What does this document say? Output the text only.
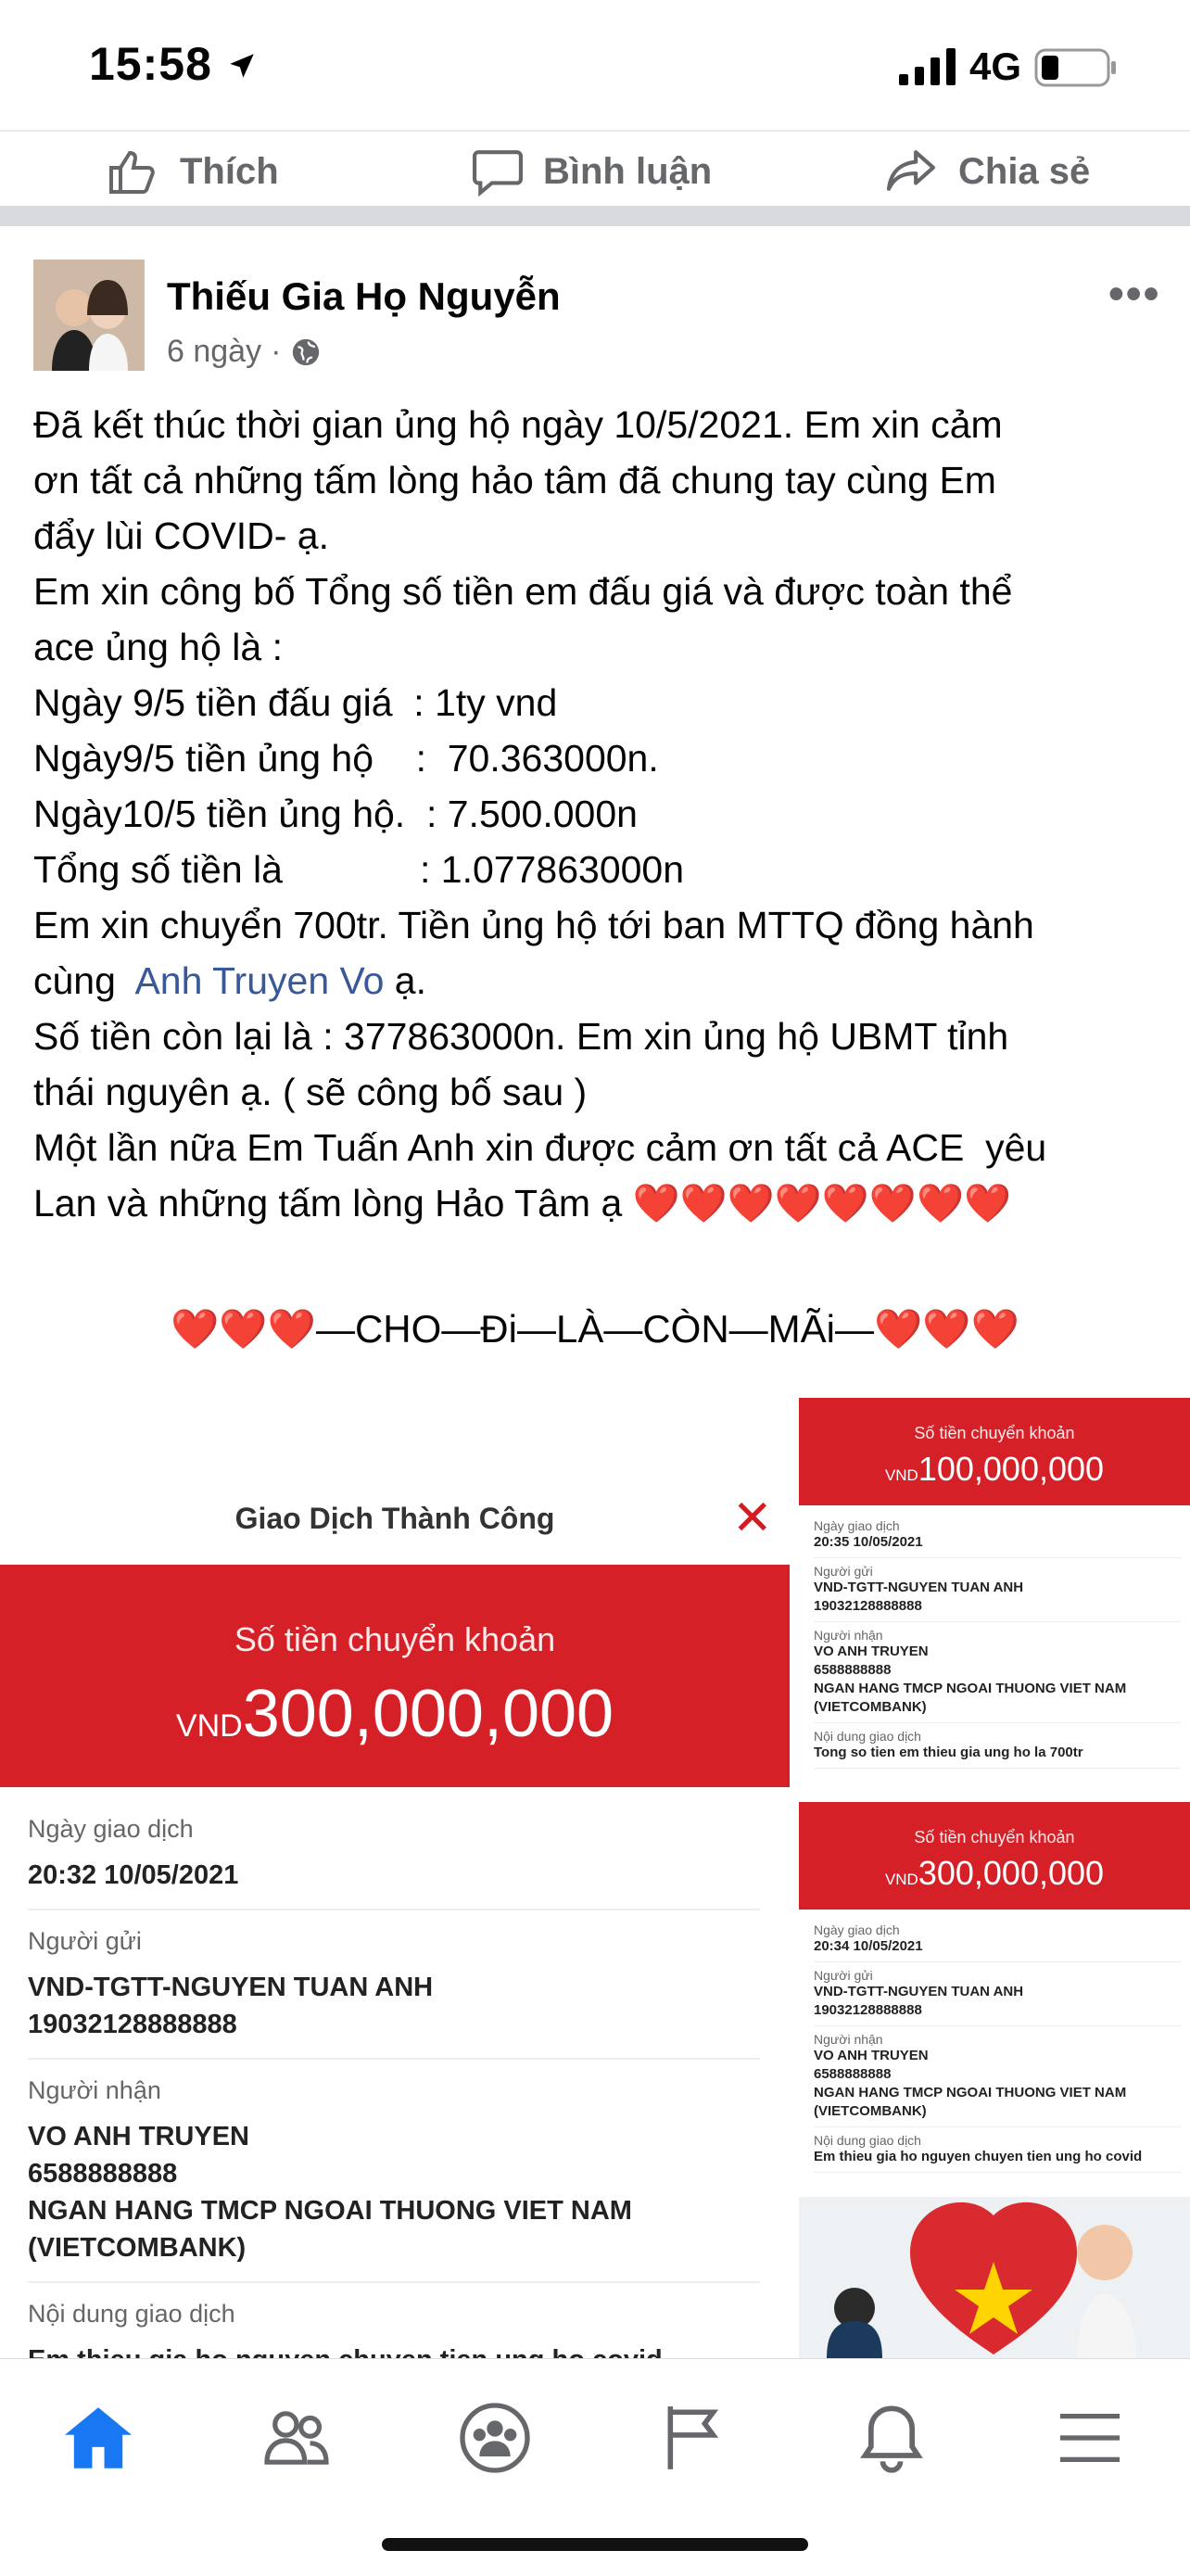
15:58	4G
Thích	Bình luận	Chia sẻ
Thiếu Gia Họ Nguyễn
6 ngày ·
•••
Đã kết thúc thời gian ủng hộ ngày 10/5/2021. Em xin cảm
ơn tất cả những tấm lòng hảo tâm đã chung tay cùng Em
đẩy lùi COVID- ạ.
Em xin công bố Tổng số tiền em đấu giá và được toàn thể
ace ủng hộ là :
Ngày 9/5 tiền đấu giá  : 1ty vnd
Ngày9/5 tiền ủng hộ    :  70.363000n.
Ngày10/5 tiền ủng hộ.  : 7.500.000n
Tổng số tiền là             : 1.077863000n
Em xin chuyển 700tr. Tiền ủng hộ tới ban MTTQ đồng hành
cùng  Anh Truyen Vo ạ.
Số tiền còn lại là : 377863000n. Em xin ủng hộ UBMT tỉnh
thái nguyên ạ. ( sẽ công bố sau )
Một lần nữa Em Tuấn Anh xin được cảm ơn tất cả ACE  yêu
Lan và những tấm lòng Hảo Tâm ạ ❤️❤️❤️❤️❤️❤️❤️❤️
❤️❤️❤️—CHO—Đi—LÀ—CÒN—MÃi—❤️❤️❤️
Giao Dịch Thành Công	✕
Số tiền chuyển khoản
VND300,000,000
Ngày giao dịch
20:32 10/05/2021
Người gửi
VND-TGTT-NGUYEN TUAN ANH
19032128888888
Người nhận
VO ANH TRUYEN
6588888888
NGAN HANG TMCP NGOAI THUONG VIET NAM
(VIETCOMBANK)
Nội dung giao dịch
Số tiền chuyển khoản
VND100,000,000
Ngày giao dịch
20:35 10/05/2021
Người gửi
VND-TGTT-NGUYEN TUAN ANH
19032128888888
Người nhận
VO ANH TRUYEN
6588888888
NGAN HANG TMCP NGOAI THUONG VIET NAM
(VIETCOMBANK)
Nội dung giao dịch
Tong so tien em thieu gia ung ho la 700tr
Số tiền chuyển khoản
VND300,000,000
Ngày giao dịch
20:34 10/05/2021
Người gửi
VND-TGTT-NGUYEN TUAN ANH
19032128888888
Người nhận
VO ANH TRUYEN
6588888888
NGAN HANG TMCP NGOAI THUONG VIET NAM
(VIETCOMBANK)
Nội dung giao dịch
Em thieu gia ho nguyen chuyen tien ung ho covid
